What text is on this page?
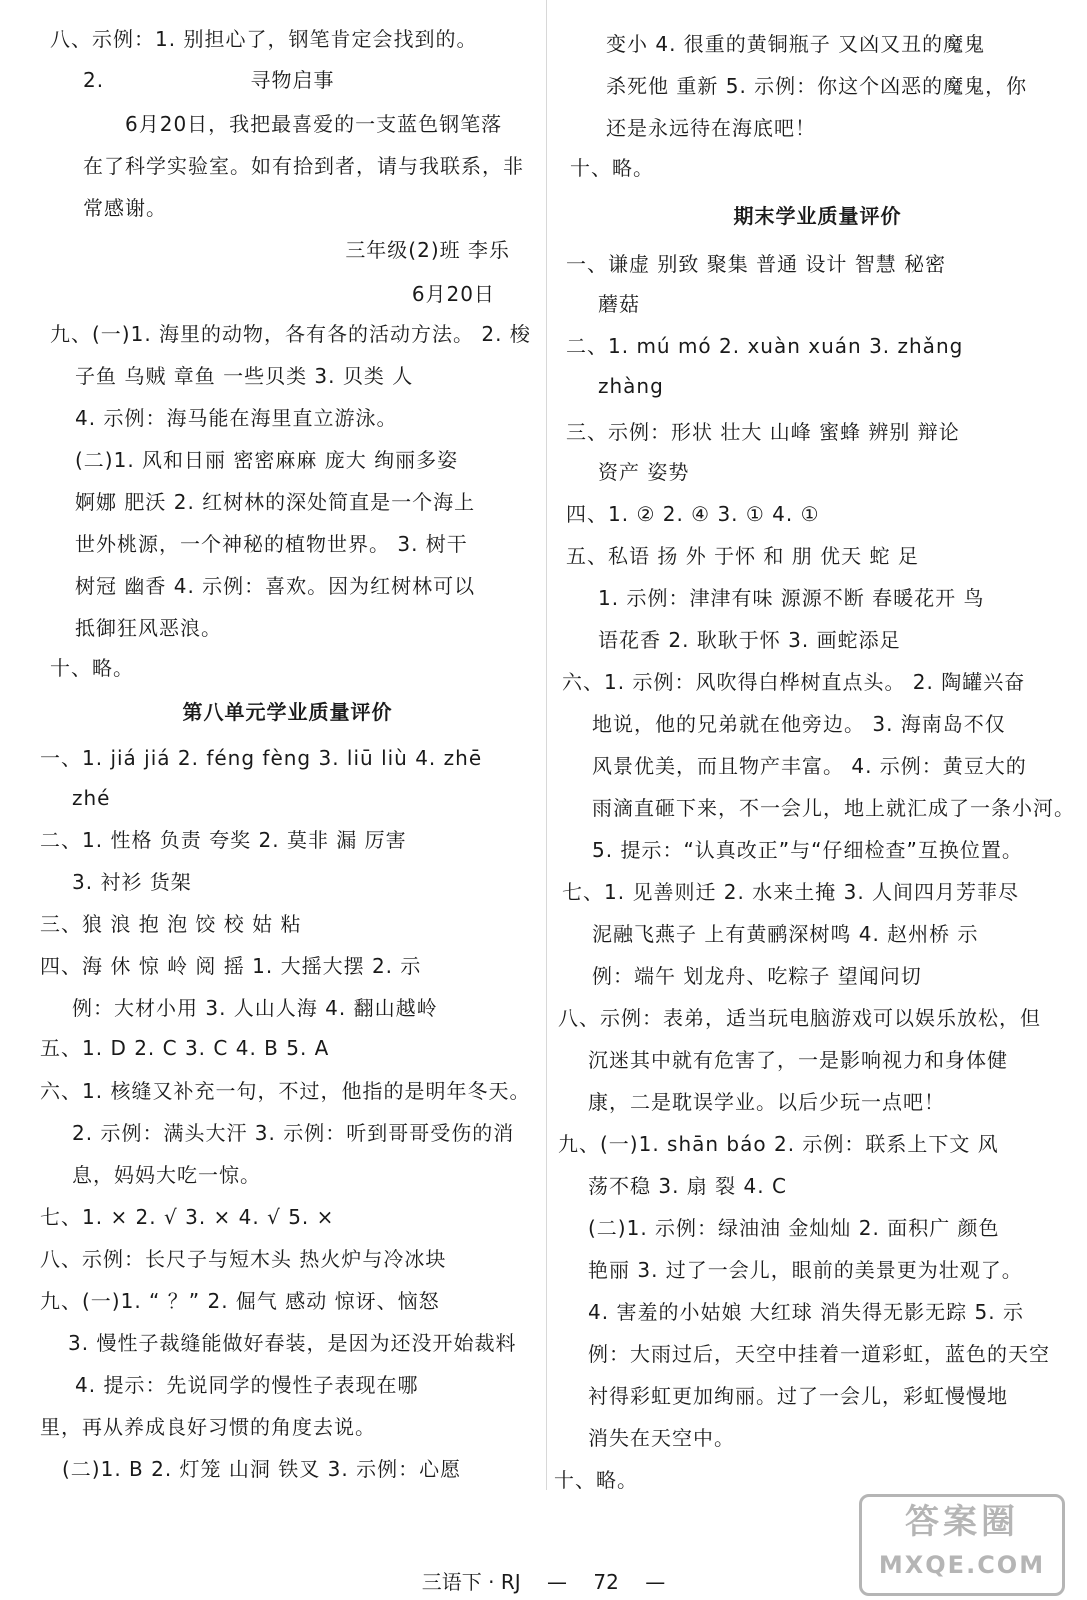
八、示例：1. 别担心了，钢笔肯定会找到的。
2.	寻物启事
6月20日，我把最喜爱的一支蓝色钢笔落
在了科学实验室。如有拾到者，请与我联系，非
常感谢。
三年级(2)班 李乐
6月20日
九、(一)1. 海里的动物，各有各的活动方法。 2. 梭
子鱼 乌贼 章鱼 一些贝类 3. 贝类 人
4. 示例：海马能在海里直立游泳。
(二)1. 风和日丽 密密麻麻 庞大 绚丽多姿
婀娜 肥沃 2. 红树林的深处简直是一个海上
世外桃源，一个神秘的植物世界。 3. 树干
树冠 幽香 4. 示例：喜欢。因为红树林可以
抵御狂风恶浪。
十、略。
第八单元学业质量评价
一、1. jiá jiá 2. féng fèng 3. liū liù 4. zhē
zhé
二、1. 性格 负责 夸奖 2. 莫非 漏 厉害
3. 衬衫 货架
三、狼 浪 抱 泡 饺 校 姑 粘
四、海 休 惊 岭 阅 摇 1. 大摇大摆 2. 示
例：大材小用 3. 人山人海 4. 翻山越岭
五、1. D 2. C 3. C 4. B 5. A
六、1. 核缝又补充一句，不过，他指的是明年冬天。
2. 示例：满头大汗 3. 示例：听到哥哥受伤的消
息，妈妈大吃一惊。
七、1. × 2. √ 3. × 4. √ 5. ×
八、示例：长尺子与短木头 热火炉与冷冰块
九、(一)1. “ ？” 2. 倔气 感动 惊讶、恼怒
3. 慢性子裁缝能做好春装，是因为还没开始裁料
4. 提示：先说同学的慢性子表现在哪
里，再从养成良好习惯的角度去说。
(二)1. B 2. 灯笼 山洞 铁叉 3. 示例：心愿
变小 4. 很重的黄铜瓶子 又凶又丑的魔鬼
杀死他 重新 5. 示例：你这个凶恶的魔鬼，你
还是永远待在海底吧！
十、略。
期末学业质量评价
一、谦虚 别致 聚集 普通 设计 智慧 秘密
蘑菇
二、1. mú mó 2. xuàn xuán 3. zhǎng
zhàng
三、示例：形状 壮大 山峰 蜜蜂 辨别 辩论
资产 姿势
四、1. ② 2. ④ 3. ① 4. ①
五、私语 扬 外 于怀 和 朋 优天 蛇 足
1. 示例：津津有味 源源不断 春暖花开 鸟
语花香 2. 耿耿于怀 3. 画蛇添足
六、1. 示例：风吹得白桦树直点头。 2. 陶罐兴奋
地说，他的兄弟就在他旁边。 3. 海南岛不仅
风景优美，而且物产丰富。 4. 示例：黄豆大的
雨滴直砸下来，不一会儿，地上就汇成了一条小河。
5. 提示：“认真改正”与“仔细检查”互换位置。
七、1. 见善则迁 2. 水来土掩 3. 人间四月芳菲尽
泥融飞燕子 上有黄鹂深树鸣 4. 赵州桥 示
例：端午 划龙舟、吃粽子 望闻问切
八、示例：表弟，适当玩电脑游戏可以娱乐放松，但
沉迷其中就有危害了，一是影响视力和身体健
康，二是耽误学业。以后少玩一点吧！
九、(一)1. shān báo 2. 示例：联系上下文 风
荡不稳 3. 扇 裂 4. C
(二)1. 示例：绿油油 金灿灿 2. 面积广 颜色
艳丽 3. 过了一会儿，眼前的美景更为壮观了。
4. 害羞的小姑娘 大红球 消失得无影无踪 5. 示
例：大雨过后，天空中挂着一道彩虹，蓝色的天空
衬得彩虹更加绚丽。过了一会儿，彩虹慢慢地
消失在天空中。
十、略。
三语下 · RJ — 72 —
答案圈
MXQE.COM
